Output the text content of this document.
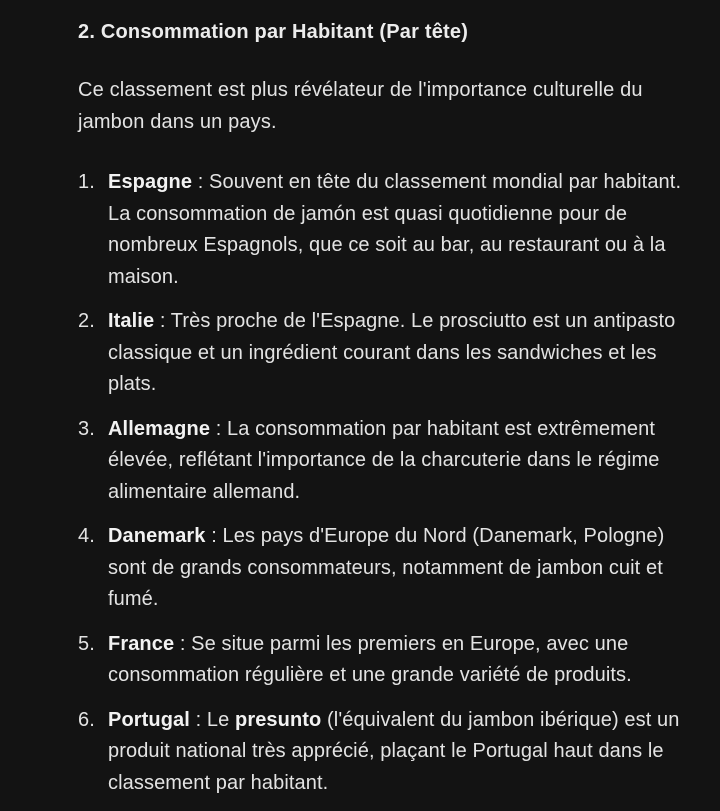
2. Consommation par Habitant (Par tête)

Ce classement est plus révélateur de l'importance culturelle du jambon dans un pays.

1. Espagne : Souvent en tête du classement mondial par habitant. La consommation de jamón est quasi quotidienne pour de nombreux Espagnols, que ce soit au bar, au restaurant ou à la maison.
2. Italie : Très proche de l'Espagne. Le prosciutto est un antipasto classique et un ingrédient courant dans les sandwiches et les plats.
3. Allemagne : La consommation par habitant est extrêmement élevée, reflétant l'importance de la charcuterie dans le régime alimentaire allemand.
4. Danemark : Les pays d'Europe du Nord (Danemark, Pologne) sont de grands consommateurs, notamment de jambon cuit et fumé.
5. France : Se situe parmi les premiers en Europe, avec une consommation régulière et une grande variété de produits.
6. Portugal : Le presunto (l'équivalent du jambon ibérique) est un produit national très apprécié, plaçant le Portugal haut dans le classement par habitant.
